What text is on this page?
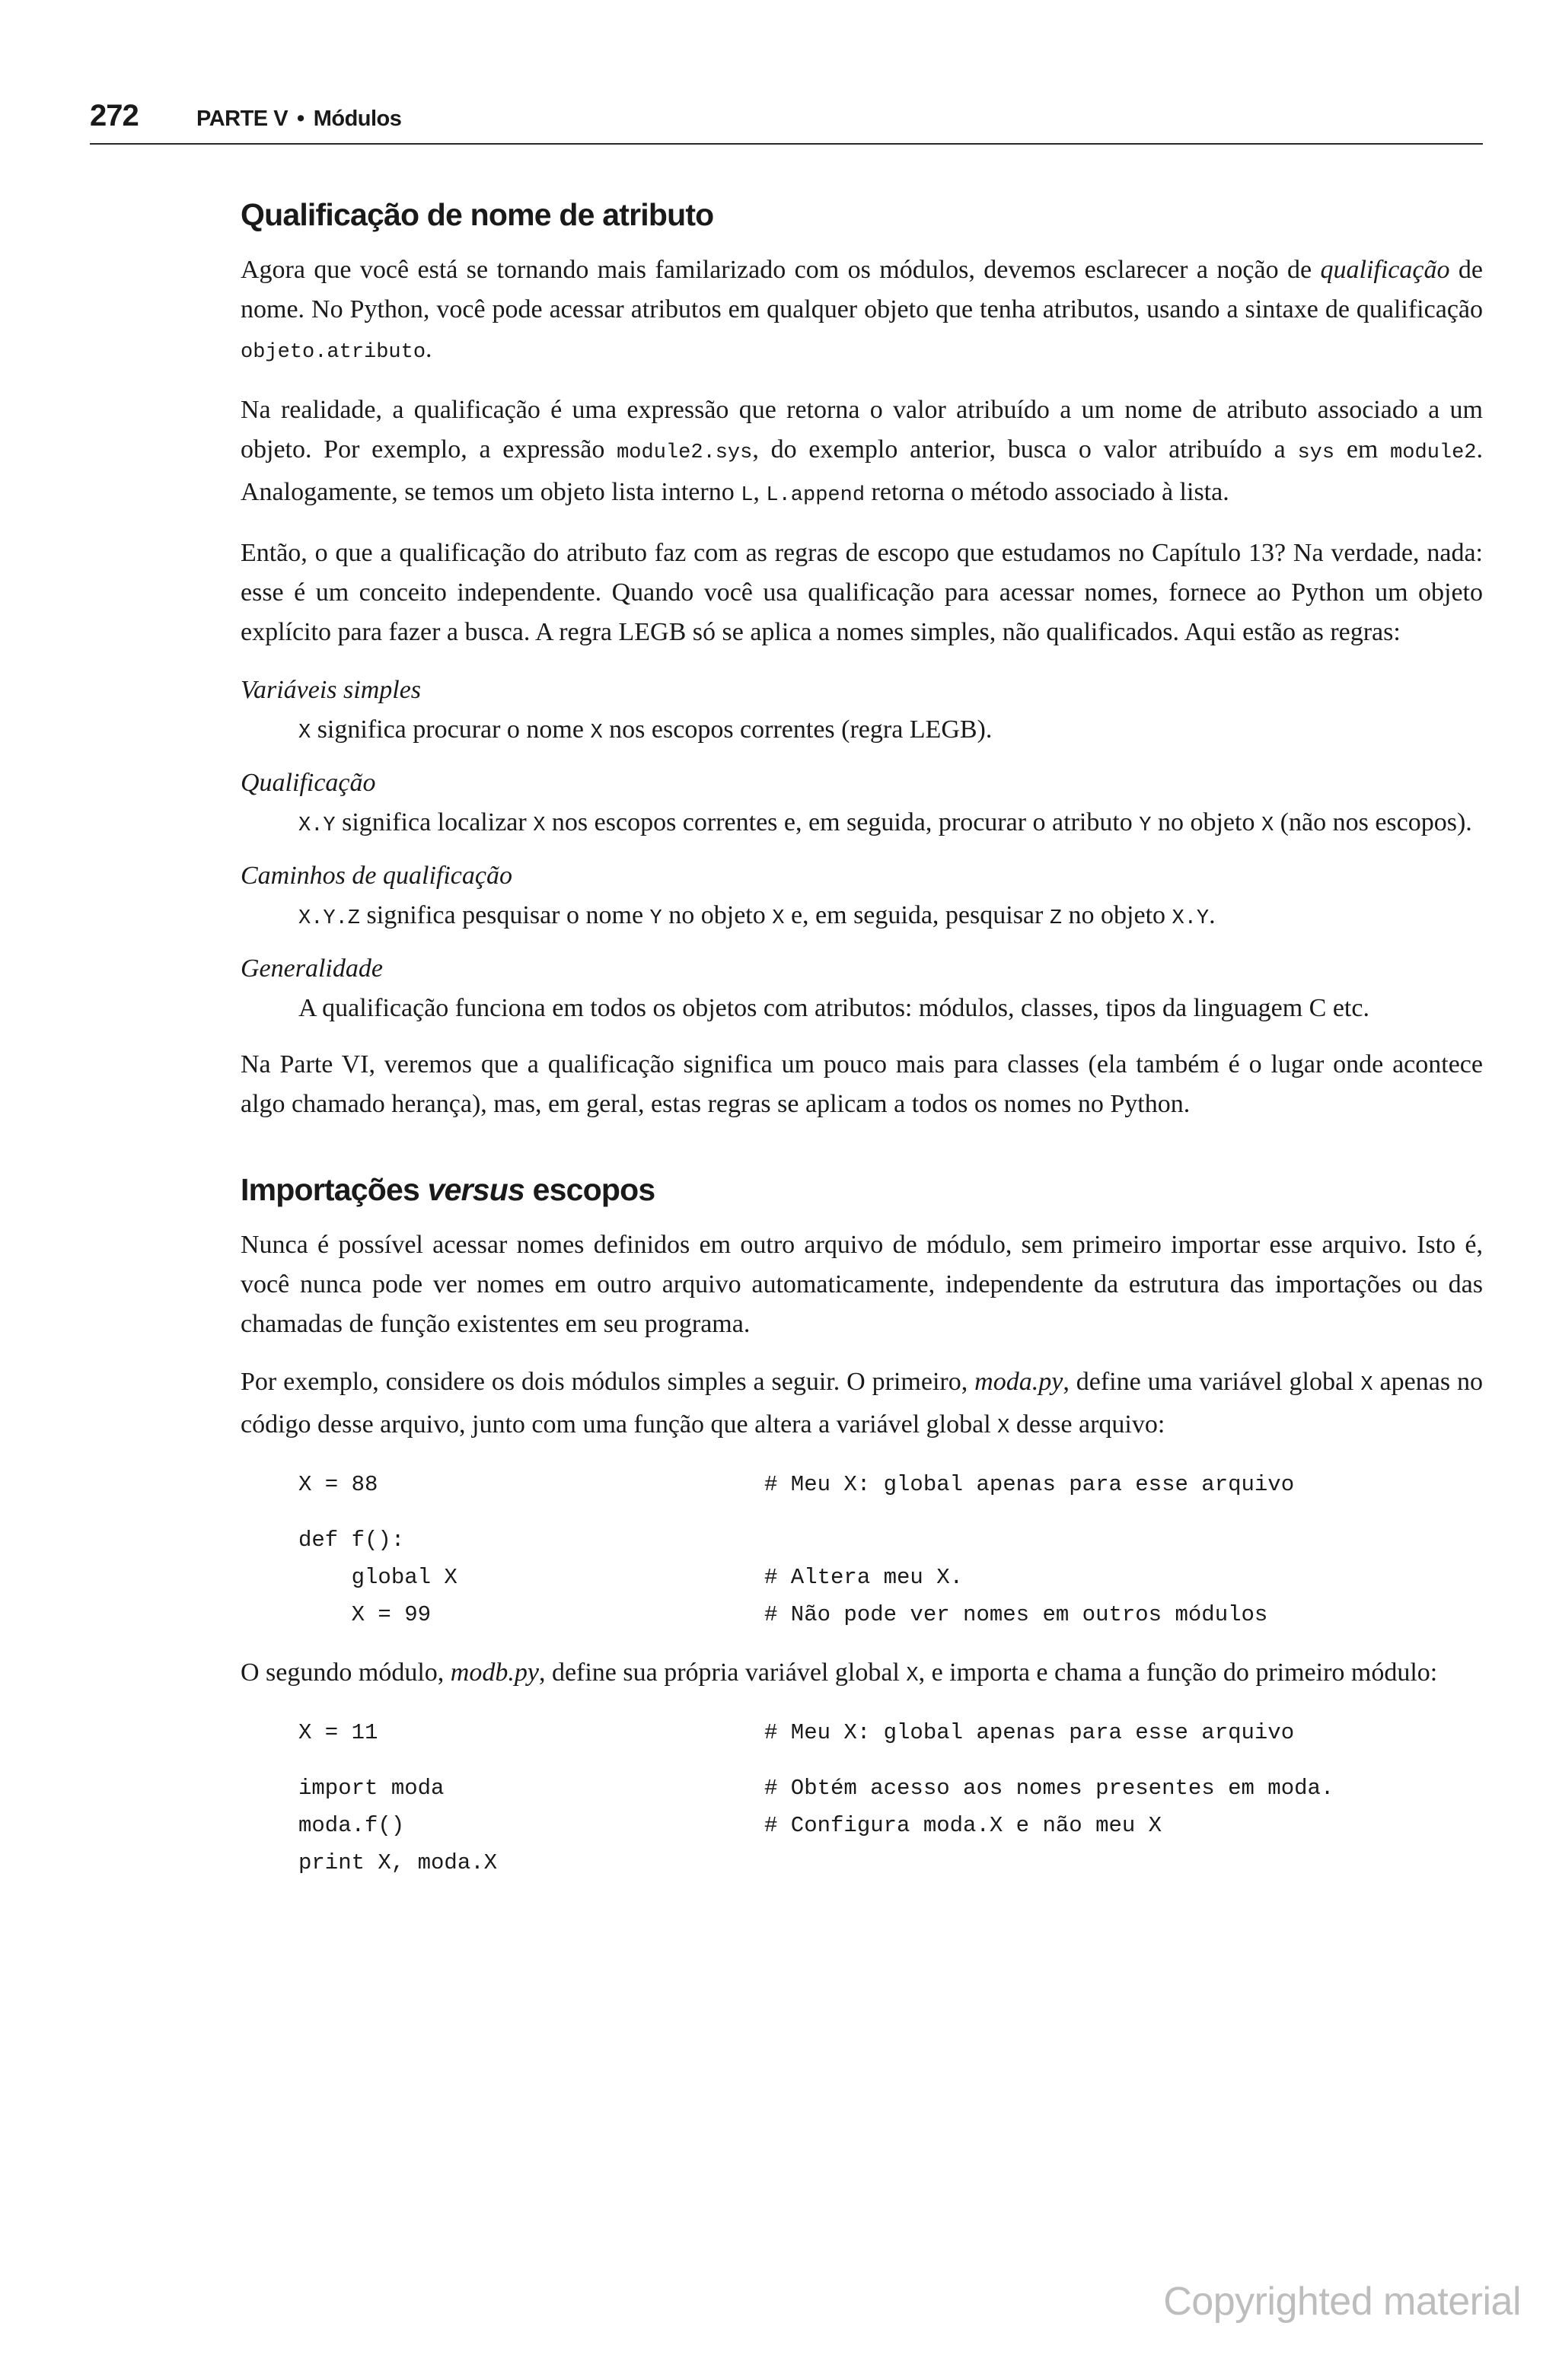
272	PARTE V • Módulos
Qualificação de nome de atributo

Agora que você está se tornando mais familarizado com os módulos, devemos esclarecer a noção de qualificação de nome. No Python, você pode acessar atributos em qualquer objeto que tenha atributos, usando a sintaxe de qualificação objeto.atributo.

Na realidade, a qualificação é uma expressão que retorna o valor atribuído a um nome de atributo associado a um objeto. Por exemplo, a expressão module2.sys, do exemplo anterior, busca o valor atribuído a sys em module2. Analogamente, se temos um objeto lista interno L, L.append retorna o método associado à lista.

Então, o que a qualificação do atributo faz com as regras de escopo que estudamos no Capítulo 13? Na verdade, nada: esse é um conceito independente. Quando você usa qualificação para acessar nomes, fornece ao Python um objeto explícito para fazer a busca. A regra LEGB só se aplica a nomes simples, não qualificados. Aqui estão as regras:

Variáveis simples
X significa procurar o nome X nos escopos correntes (regra LEGB).
Qualificação
X.Y significa localizar X nos escopos correntes e, em seguida, procurar o atributo Y no objeto X (não nos escopos).
Caminhos de qualificação
X.Y.Z significa pesquisar o nome Y no objeto X e, em seguida, pesquisar Z no objeto X.Y.
Generalidade
A qualificação funciona em todos os objetos com atributos: módulos, classes, tipos da linguagem C etc.

Na Parte VI, veremos que a qualificação significa um pouco mais para classes (ela também é o lugar onde acontece algo chamado herança), mas, em geral, estas regras se aplicam a todos os nomes no Python.

Importações versus escopos

Nunca é possível acessar nomes definidos em outro arquivo de módulo, sem primeiro importar esse arquivo. Isto é, você nunca pode ver nomes em outro arquivo automaticamente, independente da estrutura das importações ou das chamadas de função existentes em seu programa.

Por exemplo, considere os dois módulos simples a seguir. O primeiro, moda.py, define uma variável global X apenas no código desse arquivo, junto com uma função que altera a variável global X desse arquivo:

X = 88	# Meu X: global apenas para esse arquivo
def f():
global X	# Altera meu X.
X = 99	# Não pode ver nomes em outros módulos

O segundo módulo, modb.py, define sua própria variável global X, e importa e chama a função do primeiro módulo:

X = 11	# Meu X: global apenas para esse arquivo
import moda	# Obtém acesso aos nomes presentes em moda.
moda.f()	# Configura moda.X e não meu X
print X, moda.X
Copyrighted material
